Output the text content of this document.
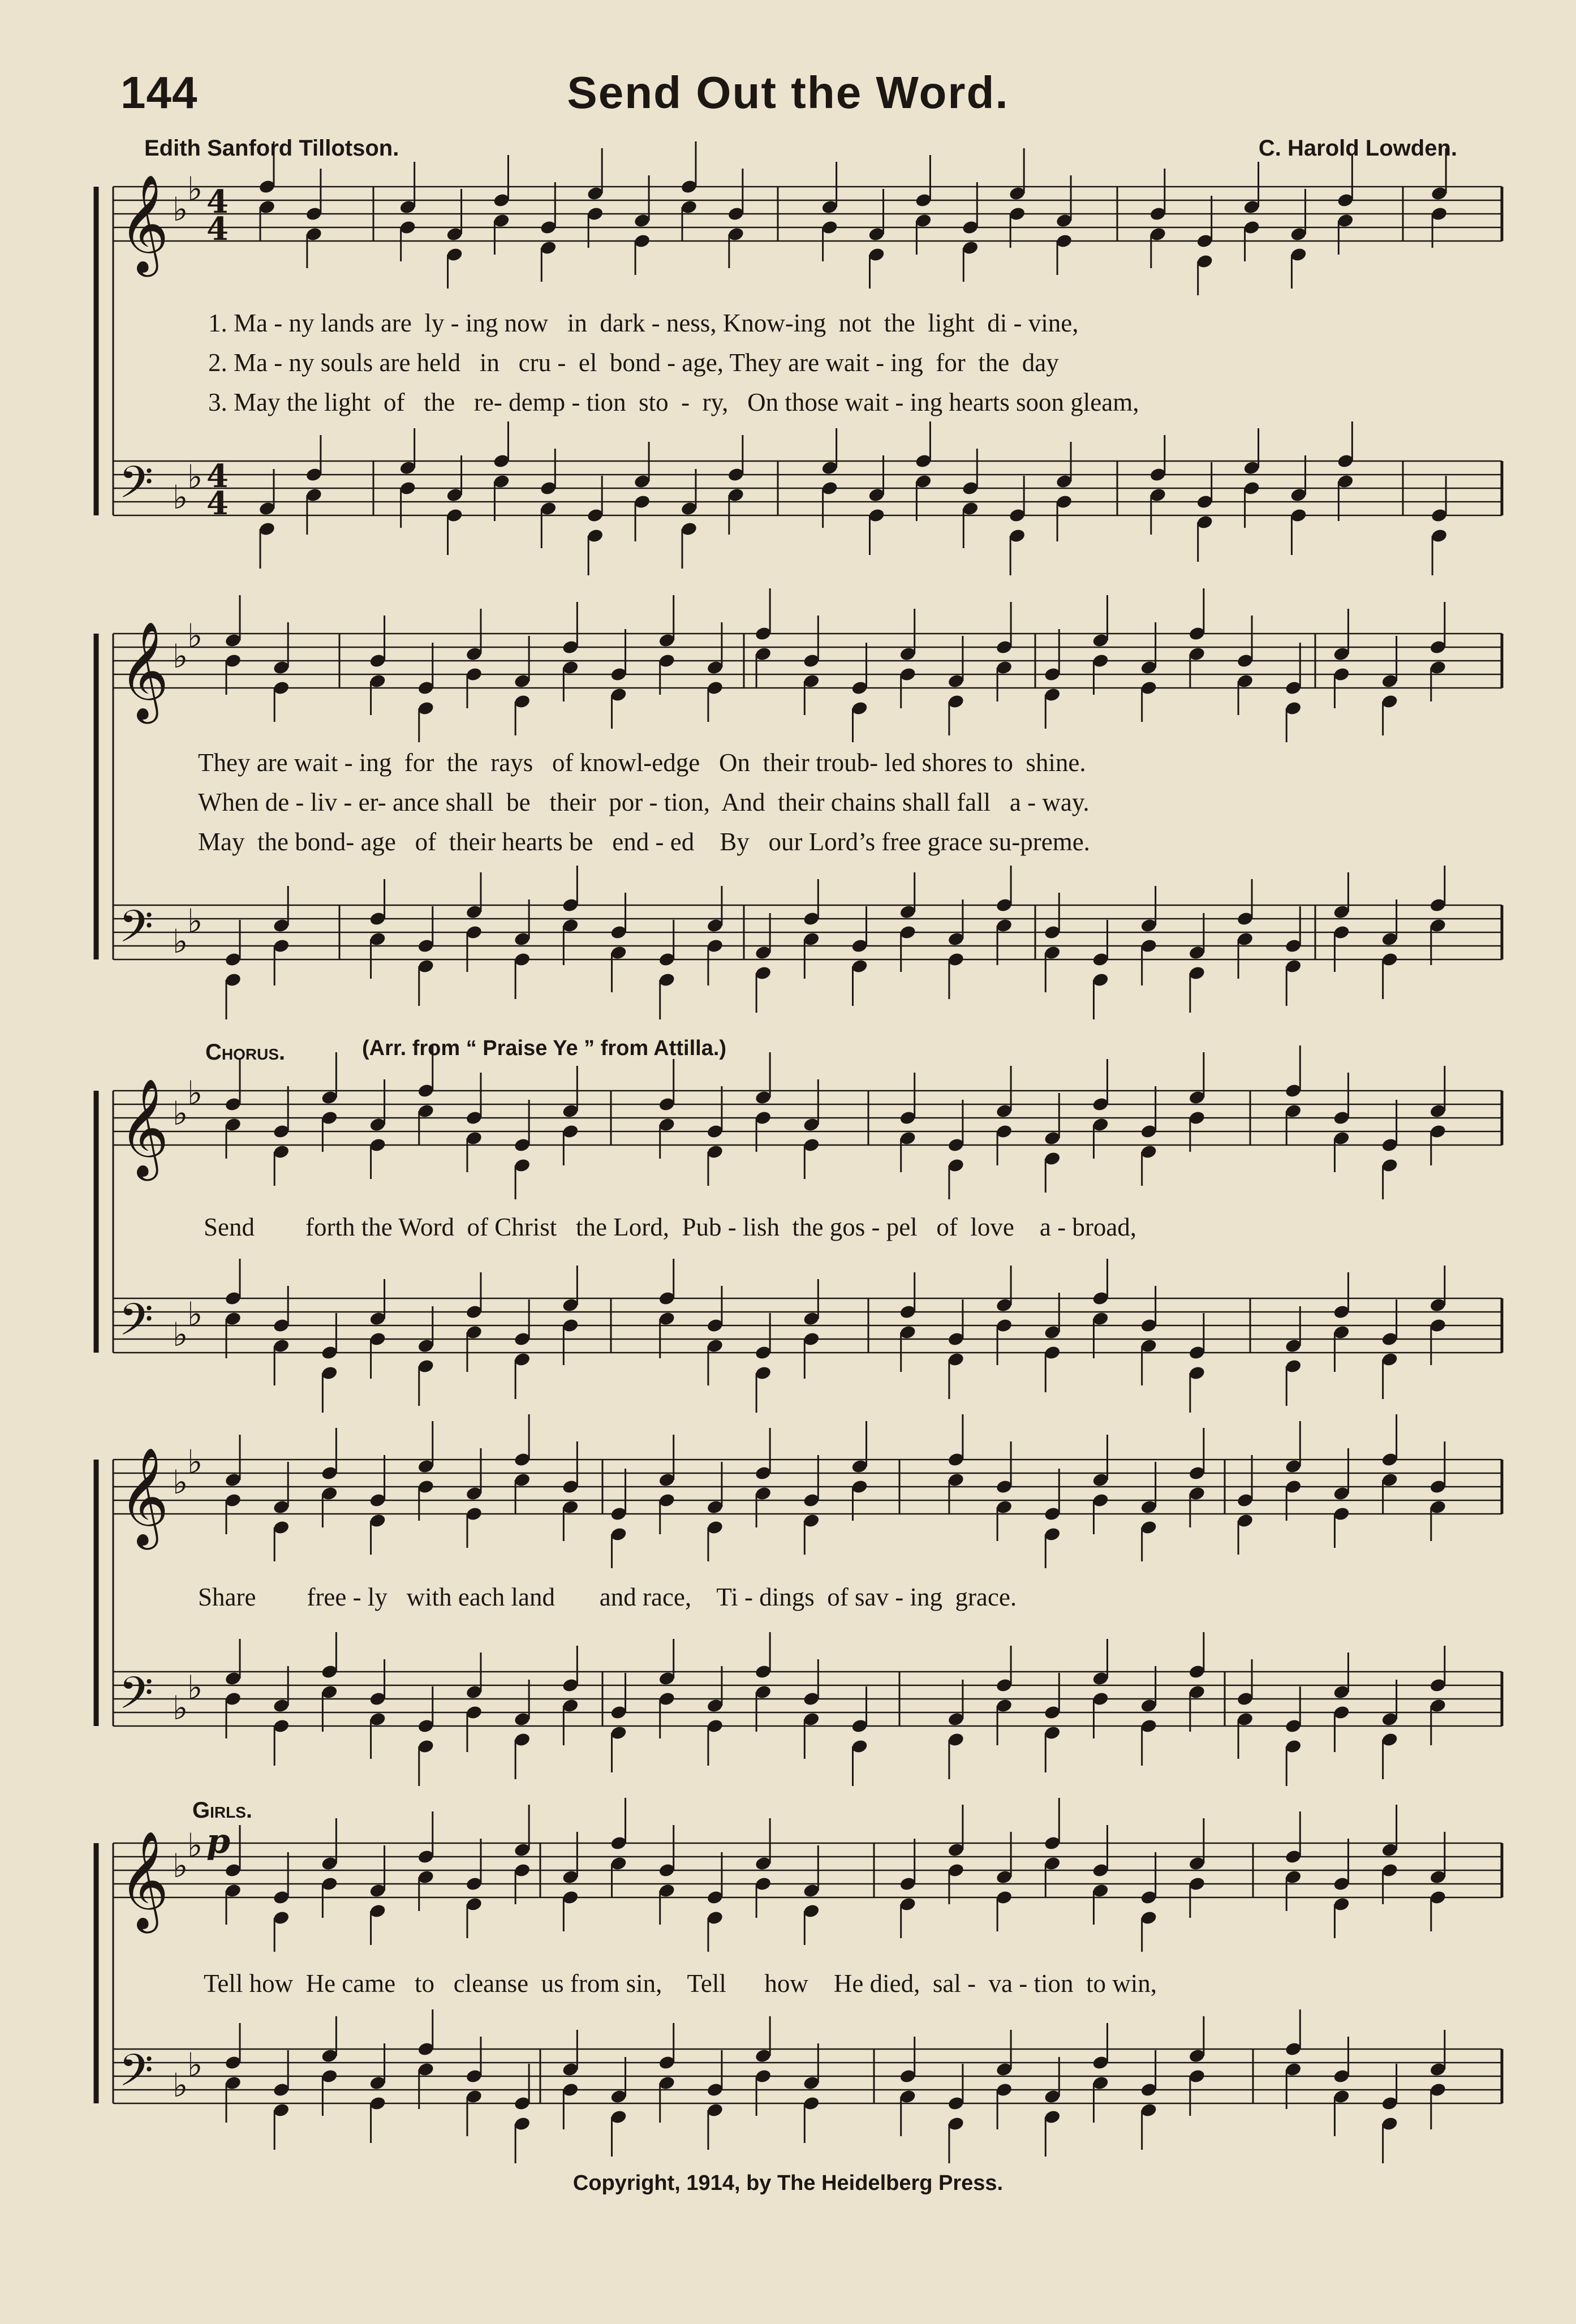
144	Send Out the Word.
Edith Sanford Tillotson.	C. Harold Lowden.
𝄞 ♭
♭ 4
4
𝄢 ♭
♭ 4
4
𝄞 ♭
♭
𝄢 ♭
♭
𝄞 ♭
♭
𝄢 ♭
♭
𝄞 ♭
♭
𝄢 ♭
♭
𝄞 ♭
♭
𝄢 ♭
♭
p
1. Ma - ny lands are  ly - ing now   in  dark - ness, Know-ing  not  the  light  di - vine,
2. Ma - ny souls are held   in   cru -  el  bond - age, They are wait - ing  for  the  day
3. May the light  of   the   re- demp - tion  sto  -  ry,   On those wait - ing hearts soon gleam,
They are wait - ing  for  the  rays   of knowl-edge   On  their troub- led shores to  shine.
When de - liv - er- ance shall  be   their  por - tion,  And  their chains shall fall   a - way.
May  the bond- age   of  their hearts be   end - ed    By   our Lord’s free grace su-preme.
Chorus.	(Arr. from “ Praise Ye ” from Attilla.)
Send        forth the Word  of Christ   the Lord,  Pub - lish  the gos - pel   of  love    a - broad,
Share        free - ly   with each land       and race,    Ti - dings  of sav - ing  grace.
Girls.
Tell how  He came   to   cleanse  us from sin,    Tell      how    He died,  sal -  va - tion  to win,
Copyright, 1914, by The Heidelberg Press.
